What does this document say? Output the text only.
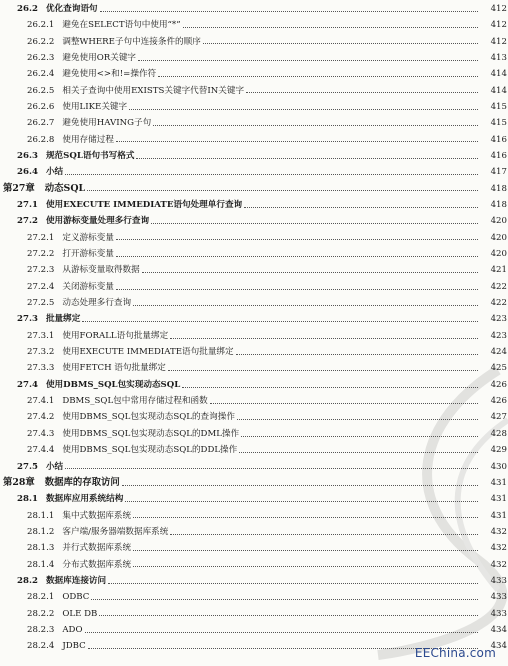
26.2 优化查询语句	412
26.2.1 避免在SELECT语句中使用“*”	412
26.2.2 调整WHERE子句中连接条件的顺序	412
26.2.3 避免使用OR关键字	413
26.2.4 避免使用<>和!=操作符	414
26.2.5 相关子查询中使用EXISTS关键字代替IN关键字	414
26.2.6 使用LIKE关键字	415
26.2.7 避免使用HAVING子句	415
26.2.8 使用存储过程	416
26.3 规范SQL语句书写格式	416
26.4 小结	417
第27章 动态SQL	418
27.1 使用EXECUTE IMMEDIATE语句处理单行查询	418
27.2 使用游标变量处理多行查询	420
27.2.1 定义游标变量	420
27.2.2 打开游标变量	420
27.2.3 从游标变量取得数据	421
27.2.4 关闭游标变量	422
27.2.5 动态处理多行查询	422
27.3 批量绑定	423
27.3.1 使用FORALL语句批量绑定	423
27.3.2 使用EXECUTE IMMEDIATE语句批量绑定	424
27.3.3 使用FETCH 语句批量绑定	425
27.4 使用DBMS_SQL包实现动态SQL	426
27.4.1 DBMS_SQL包中常用存储过程和函数	426
27.4.2 使用DBMS_SQL包实现动态SQL的查询操作	427
27.4.3 使用DBMS_SQL包实现动态SQL的DML操作	428
27.4.4 使用DBMS_SQL包实现动态SQL的DDL操作	429
27.5 小结	430
第28章 数据库的存取访问	431
28.1 数据库应用系统结构	431
28.1.1 集中式数据库系统	431
28.1.2 客户端/服务器端数据库系统	432
28.1.3 并行式数据库系统	432
28.1.4 分布式数据库系统	432
28.2 数据库连接访问	433
28.2.1 ODBC	433
28.2.2 OLE DB	433
28.2.3 ADO	434
28.2.4 JDBC	434
EEChina.com
